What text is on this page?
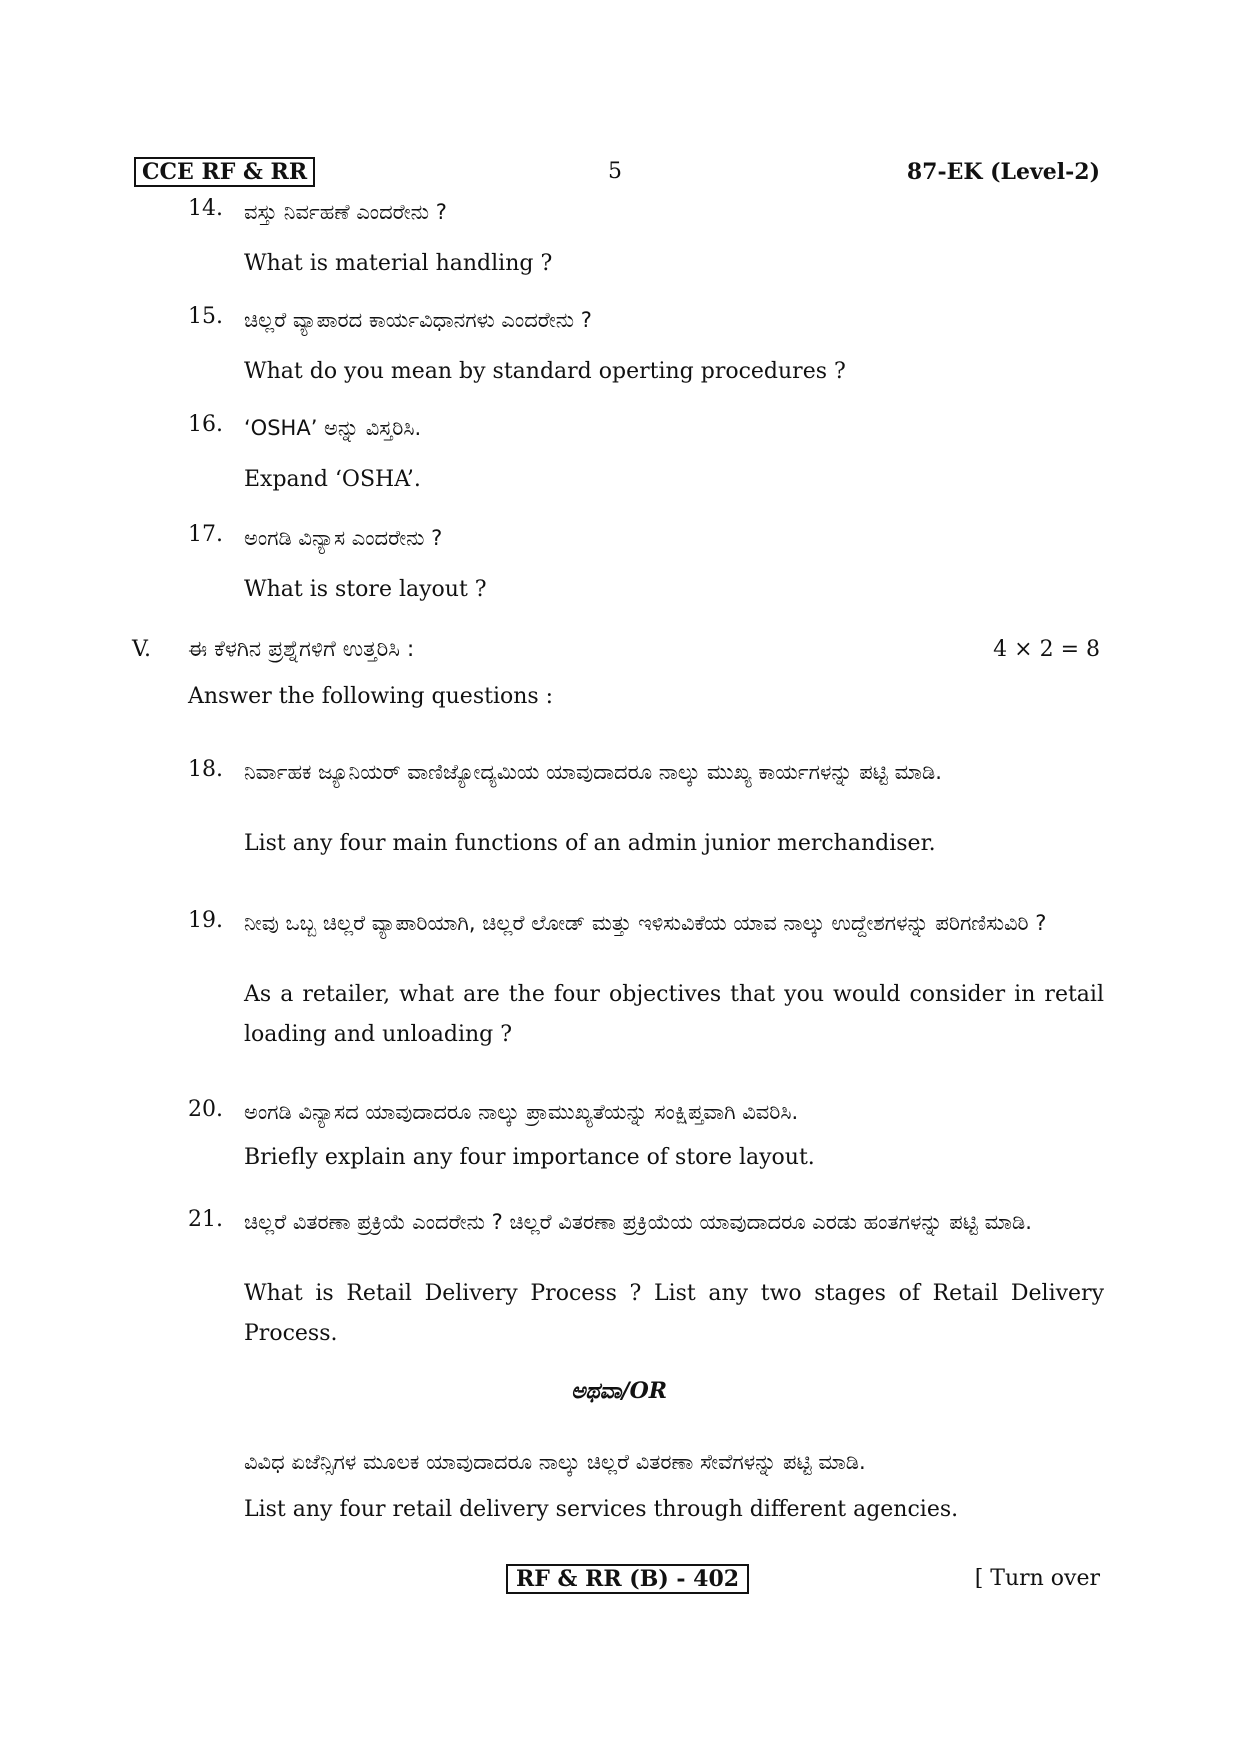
CCE RF & RR	5	87-EK (Level-2)
14. ವಸ್ತು ನಿರ್ವಹಣೆ ಎಂದರೇನು ?
What is material handling ?
15. ಚಿಲ್ಲರೆ ವ್ಯಾಪಾರದ ಕಾರ್ಯವಿಧಾನಗಳು ಎಂದರೇನು ?
What do you mean by standard operting procedures ?
16. ‘OSHA’ ಅನ್ನು ವಿಸ್ತರಿಸಿ.
Expand ‘OSHA’.
17. ಅಂಗಡಿ ವಿನ್ಯಾಸ ಎಂದರೇನು ?
What is store layout ?
V. ಈ ಕೆಳಗಿನ ಪ್ರಶ್ನೆಗಳಿಗೆ ಉತ್ತರಿಸಿ :	4 × 2 = 8
Answer the following questions :
18. ನಿರ್ವಾಹಕ ಜ್ಯೂನಿಯರ್ ವಾಣಿಜ್ಯೋದ್ಯಮಿಯ ಯಾವುದಾದರೂ ನಾಲ್ಕು ಮುಖ್ಯ ಕಾರ್ಯಗಳನ್ನು ಪಟ್ಟಿ ಮಾಡಿ.
List any four main functions of an admin junior merchandiser.
19. ನೀವು ಒಬ್ಬ ಚಿಲ್ಲರೆ ವ್ಯಾಪಾರಿಯಾಗಿ, ಚಿಲ್ಲರೆ ಲೋಡ್ ಮತ್ತು ಇಳಿಸುವಿಕೆಯ ಯಾವ ನಾಲ್ಕು ಉದ್ದೇಶಗಳನ್ನು ಪರಿಗಣಿಸುವಿರಿ ?
As a retailer, what are the four objectives that you would consider in retail loading and unloading ?
20. ಅಂಗಡಿ ವಿನ್ಯಾಸದ ಯಾವುದಾದರೂ ನಾಲ್ಕು ಪ್ರಾಮುಖ್ಯತೆಯನ್ನು ಸಂಕ್ಷಿಪ್ತವಾಗಿ ವಿವರಿಸಿ.
Briefly explain any four importance of store layout.
21. ಚಿಲ್ಲರೆ ವಿತರಣಾ ಪ್ರಕ್ರಿಯೆ ಎಂದರೇನು ? ಚಿಲ್ಲರೆ ವಿತರಣಾ ಪ್ರಕ್ರಿಯೆಯ ಯಾವುದಾದರೂ ಎರಡು ಹಂತಗಳನ್ನು ಪಟ್ಟಿ ಮಾಡಿ.
What is Retail Delivery Process ? List any two stages of Retail Delivery Process.
ಅಥವಾ/OR
ವಿವಿಧ ಏಜೆನ್ಸಿಗಳ ಮೂಲಕ ಯಾವುದಾದರೂ ನಾಲ್ಕು ಚಿಲ್ಲರೆ ವಿತರಣಾ ಸೇವೆಗಳನ್ನು ಪಟ್ಟಿ ಮಾಡಿ.
List any four retail delivery services through different agencies.
RF & RR (B) - 402	[ Turn over
